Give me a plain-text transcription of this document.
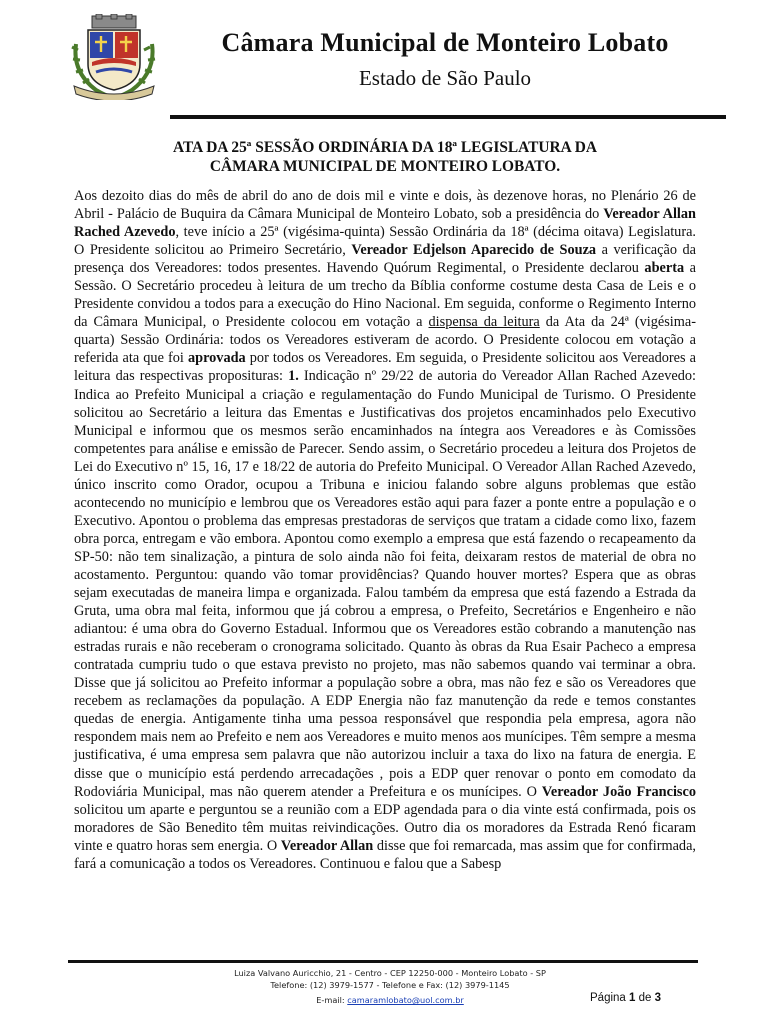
Câmara Municipal de Monteiro Lobato
Estado de São Paulo
ATA DA 25ª SESSÃO ORDINÁRIA DA 18ª LEGISLATURA DA
CÂMARA MUNICIPAL DE MONTEIRO LOBATO.
Aos dezoito dias do mês de abril do ano de dois mil e vinte e dois, às dezenove horas, no Plenário 26 de Abril - Palácio de Buquira da Câmara Municipal de Monteiro Lobato, sob a presidência do Vereador Allan Rached Azevedo, teve início a 25ª (vigésima-quinta) Sessão Ordinária da 18ª (décima oitava) Legislatura. O Presidente solicitou ao Primeiro Secretário, Vereador Edjelson Aparecido de Souza a verificação da presença dos Vereadores: todos presentes. Havendo Quórum Regimental, o Presidente declarou aberta a Sessão. O Secretário procedeu à leitura de um trecho da Bíblia conforme costume desta Casa de Leis e o Presidente convidou a todos para a execução do Hino Nacional. Em seguida, conforme o Regimento Interno da Câmara Municipal, o Presidente colocou em votação a dispensa da leitura da Ata da 24ª (vigésima-quarta) Sessão Ordinária: todos os Vereadores estiveram de acordo. O Presidente colocou em votação a referida ata que foi aprovada por todos os Vereadores. Em seguida, o Presidente solicitou aos Vereadores a leitura das respectivas proposituras: 1. Indicação nº 29/22 de autoria do Vereador Allan Rached Azevedo: Indica ao Prefeito Municipal a criação e regulamentação do Fundo Municipal de Turismo. O Presidente solicitou ao Secretário a leitura das Ementas e Justificativas dos projetos encaminhados pelo Executivo Municipal e informou que os mesmos serão encaminhados na íntegra aos Vereadores e às Comissões competentes para análise e emissão de Parecer. Sendo assim, o Secretário procedeu a leitura dos Projetos de Lei do Executivo nº 15, 16, 17 e 18/22 de autoria do Prefeito Municipal. O Vereador Allan Rached Azevedo, único inscrito como Orador, ocupou a Tribuna e iniciou falando sobre alguns problemas que estão acontecendo no município e lembrou que os Vereadores estão aqui para fazer a ponte entre a população e o Executivo. Apontou o problema das empresas prestadoras de serviços que tratam a cidade como lixo, fazem obra porca, entregam e vão embora. Apontou como exemplo a empresa que está fazendo o recapeamento da SP-50: não tem sinalização, a pintura de solo ainda não foi feita, deixaram restos de material de obra no acostamento. Perguntou: quando vão tomar providências? Quando houver mortes? Espera que as obras sejam executadas de maneira limpa e organizada. Falou também da empresa que está fazendo a Estrada da Gruta, uma obra mal feita, informou que já cobrou a empresa, o Prefeito, Secretários e Engenheiro e não adiantou: é uma obra do Governo Estadual. Informou que os Vereadores estão cobrando a manutenção nas estradas rurais e não receberam o cronograma solicitado. Quanto às obras da Rua Esair Pacheco a empresa contratada cumpriu tudo o que estava previsto no projeto, mas não sabemos quando vai terminar a obra. Disse que já solicitou ao Prefeito informar a população sobre a obra, mas não fez e são os Vereadores que recebem as reclamações da população. A EDP Energia não faz manutenção da rede e temos constantes quedas de energia. Antigamente tinha uma pessoa responsável que respondia pela empresa, agora não respondem mais nem ao Prefeito e nem aos Vereadores e muito menos aos munícipes. Têm sempre a mesma justificativa, é uma empresa sem palavra que não autorizou incluir a taxa do lixo na fatura de energia. E disse que o município está perdendo arrecadações , pois a EDP quer renovar o ponto em comodato da Rodoviária Municipal, mas não querem atender a Prefeitura e os munícipes. O Vereador João Francisco solicitou um aparte e perguntou se a reunião com a EDP agendada para o dia vinte está confirmada, pois os moradores de São Benedito têm muitas reivindicações. Outro dia os moradores da Estrada Renó ficaram vinte e quatro horas sem energia. O Vereador Allan disse que foi remarcada, mas assim que for confirmada, fará a comunicação a todos os Vereadores. Continuou e falou que a Sabesp
Luiza Valvano Auricchio, 21 - Centro - CEP 12250-000 - Monteiro Lobato - SP
Telefone: (12) 3979-1577 - Telefone e Fax: (12) 3979-1145
E-mail: camaramlobato@uol.com.br	Página 1 de 3
